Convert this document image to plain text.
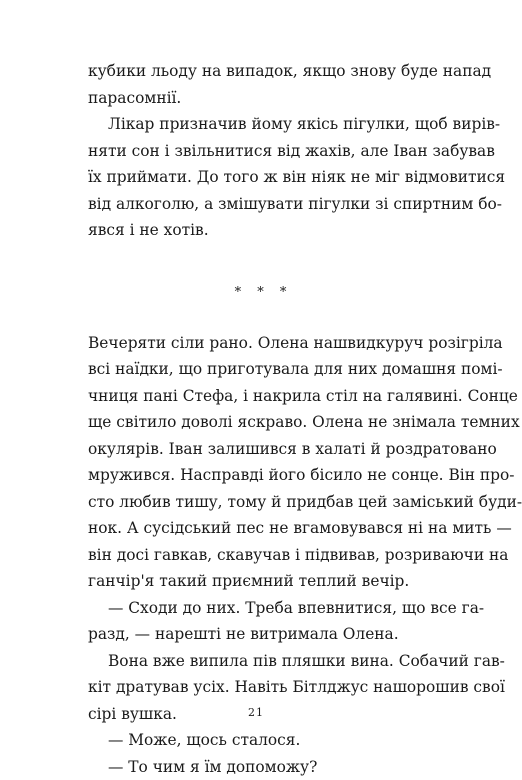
кубики льоду на випадок, якщо знову буде напад
парасомнії.
Лікар призначив йому якісь пігулки, щоб вирів-
няти сон і звільнитися від жахів, але Іван забував
їх приймати. До того ж він ніяк не міг відмовитися
від алкоголю, а змішувати пігулки зі спиртним бо-
явся і не хотів.
* * *
Вечеряти сіли рано. Олена нашвидкуруч розігріла
всі наїдки, що приготувала для них домашня помі-
чниця пані Стефа, і накрила стіл на галявині. Сонце
ще світило доволі яскраво. Олена не знімала темних
окулярів. Іван залишився в халаті й роздратовано
мружився. Насправді його бісило не сонце. Він про-
сто любив тишу, тому й придбав цей заміський буди-
нок. А сусідський пес не вгамовувався ні на мить —
він досі гавкав, скавучав і підвивав, розриваючи на
ганчір'я такий приємний теплий вечір.
— Сходи до них. Треба впевнитися, що все га-
разд, — нарешті не витримала Олена.
Вона вже випила пів пляшки вина. Собачий гав-
кіт дратував усіх. Навіть Бітлджус нашорошив свої
сірі вушка.
— Може, щось сталося.
— То чим я їм допоможу?
21
